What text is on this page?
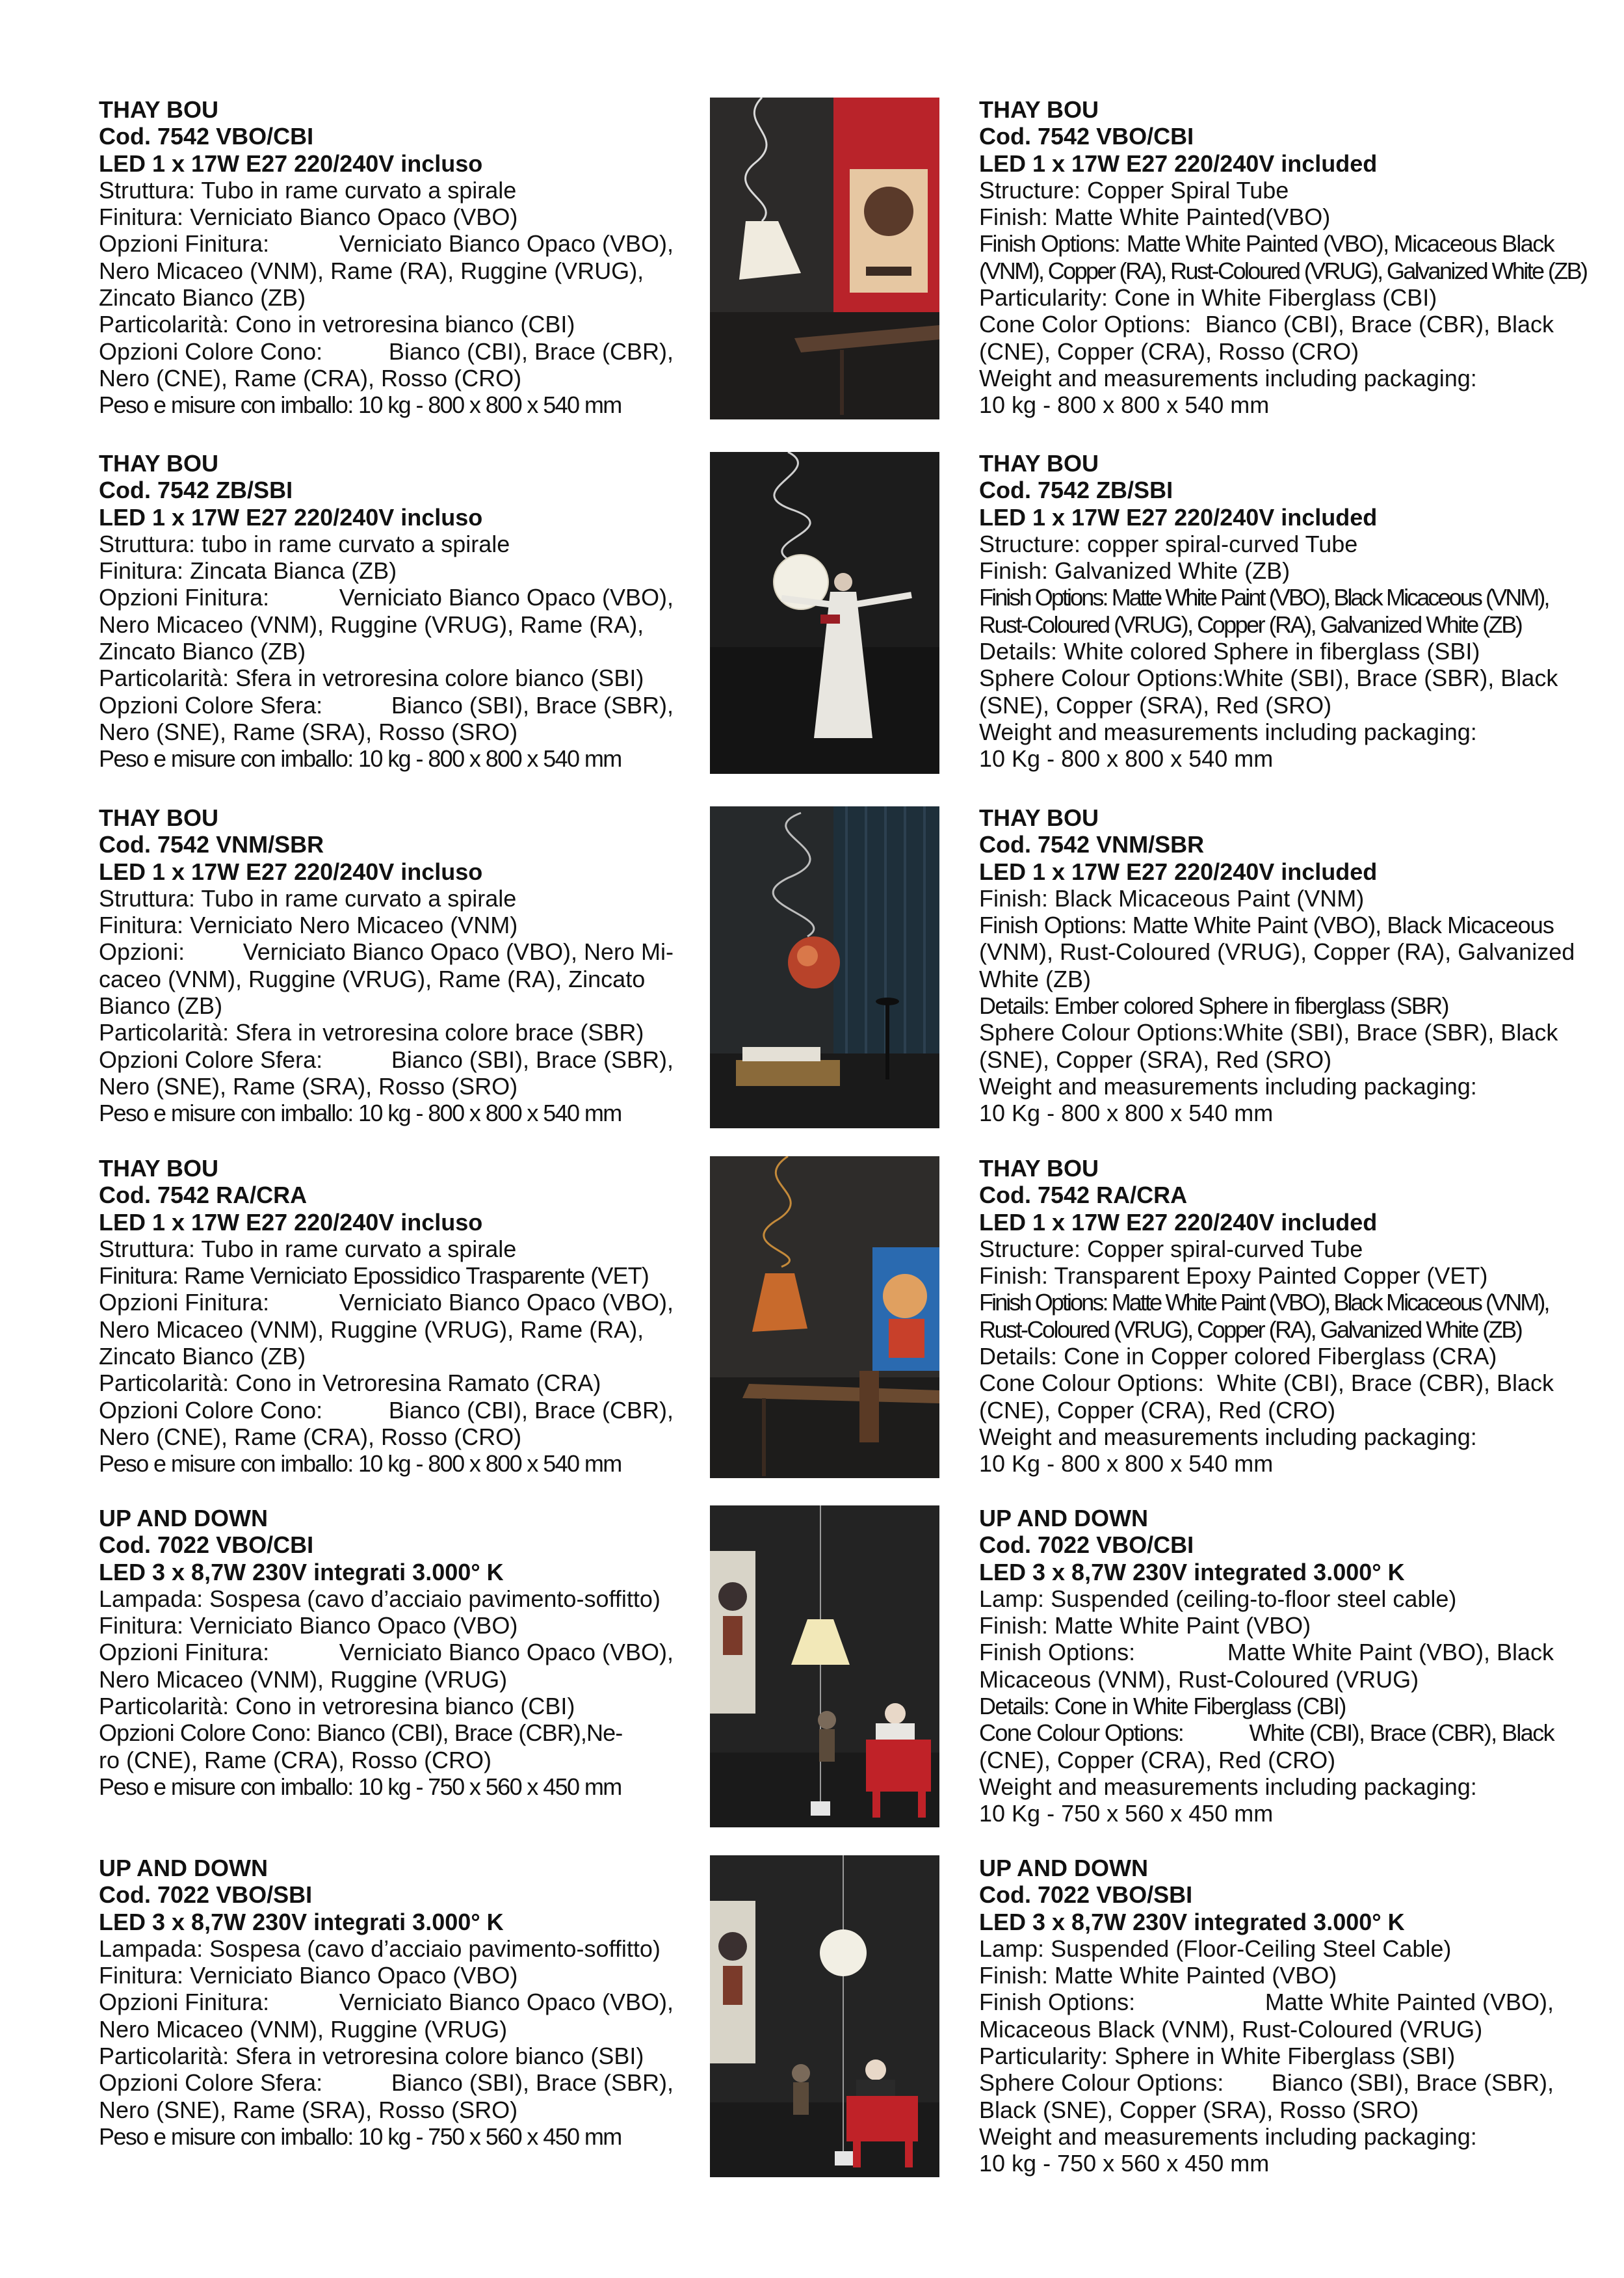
THAY BOU
Cod. 7542 VBO/CBI
LED 1 x 17W E27 220/240V incluso
Struttura: Tubo in rame curvato a spirale
Finitura: Verniciato Bianco Opaco (VBO)
Opzioni Finitura:	Verniciato Bianco Opaco (VBO),
Nero Micaceo (VNM), Rame (RA), Ruggine (VRUG),
Zincato Bianco (ZB)
Particolarità: Cono in vetroresina bianco (CBI)
Opzioni Colore Cono:	Bianco (CBI), Brace (CBR),
Nero (CNE), Rame (CRA), Rosso (CRO)
Peso e misure con imballo: 10 kg - 800 x 800 x 540 mm
THAY BOU
Cod. 7542 VBO/CBI
LED 1 x 17W E27 220/240V included
Structure: Copper Spiral Tube
Finish: Matte White Painted(VBO)
Finish Options: Matte White Painted (VBO), Micaceous Black
(VNM), Copper (RA), Rust-Coloured (VRUG), Galvanized White (ZB)
Particularity: Cone in White Fiberglass (CBI)
Cone Color Options: Bianco (CBI), Brace (CBR), Black
(CNE), Copper (CRA), Rosso (CRO)
Weight and measurements including packaging:
10 kg - 800 x 800 x 540 mm
THAY BOU
Cod. 7542 ZB/SBI
LED 1 x 17W E27 220/240V incluso
Struttura: tubo in rame curvato a spirale
Finitura: Zincata Bianca (ZB)
Opzioni Finitura:	Verniciato Bianco Opaco (VBO),
Nero Micaceo (VNM), Ruggine (VRUG), Rame (RA),
Zincato Bianco (ZB)
Particolarità: Sfera in vetroresina colore bianco (SBI)
Opzioni Colore Sfera:	Bianco (SBI), Brace (SBR),
Nero (SNE), Rame (SRA), Rosso (SRO)
Peso e misure con imballo: 10 kg - 800 x 800 x 540 mm
THAY BOU
Cod. 7542 ZB/SBI
LED 1 x 17W E27 220/240V included
Structure: copper spiral-curved Tube
Finish: Galvanized White (ZB)
Finish Options: Matte White Paint (VBO), Black Micaceous (VNM),
Rust-Coloured (VRUG), Copper (RA), Galvanized White (ZB)
Details: White colored Sphere in fiberglass (SBI)
Sphere Colour Options: White (SBI), Brace (SBR), Black
(SNE), Copper (SRA), Red (SRO)
Weight and measurements including packaging:
10 Kg - 800 x 800 x 540 mm
THAY BOU
Cod. 7542 VNM/SBR
LED 1 x 17W E27 220/240V incluso
Struttura: Tubo in rame curvato a spirale
Finitura: Verniciato Nero Micaceo (VNM)
Opzioni: Verniciato Bianco Opaco (VBO), Nero Mi-
caceo (VNM), Ruggine (VRUG), Rame (RA), Zincato
Bianco (ZB)
Particolarità: Sfera in vetroresina colore brace (SBR)
Opzioni Colore Sfera:	Bianco (SBI), Brace (SBR),
Nero (SNE), Rame (SRA), Rosso (SRO)
Peso e misure con imballo: 10 kg - 800 x 800 x 540 mm
THAY BOU
Cod. 7542 VNM/SBR
LED 1 x 17W E27 220/240V included
Finish: Black Micaceous Paint (VNM)
Finish Options: Matte White Paint (VBO), Black Micaceous
(VNM), Rust-Coloured (VRUG), Copper (RA), Galvanized
White (ZB)
Details: Ember colored Sphere in fiberglass (SBR)
Sphere Colour Options: White (SBI), Brace (SBR), Black
(SNE), Copper (SRA), Red (SRO)
Weight and measurements including packaging:
10 Kg - 800 x 800 x 540 mm
THAY BOU
Cod. 7542 RA/CRA
LED 1 x 17W E27 220/240V incluso
Struttura: Tubo in rame curvato a spirale
Finitura: Rame Verniciato Epossidico Trasparente (VET)
Opzioni Finitura:	Verniciato Bianco Opaco (VBO),
Nero Micaceo (VNM), Ruggine (VRUG), Rame (RA),
Zincato Bianco (ZB)
Particolarità: Cono in Vetroresina Ramato (CRA)
Opzioni Colore Cono:	Bianco (CBI), Brace (CBR),
Nero (CNE), Rame (CRA), Rosso (CRO)
Peso e misure con imballo: 10 kg - 800 x 800 x 540 mm
THAY BOU
Cod. 7542 RA/CRA
LED 1 x 17W E27 220/240V included
Structure: Copper spiral-curved Tube
Finish: Transparent Epoxy Painted Copper (VET)
Finish Options: Matte White Paint (VBO), Black Micaceous (VNM),
Rust-Coloured (VRUG), Copper (RA), Galvanized White (ZB)
Details: Cone in Copper colored Fiberglass (CRA)
Cone Colour Options: White (CBI), Brace (CBR), Black
(CNE), Copper (CRA), Red (CRO)
Weight and measurements including packaging:
10 Kg - 800 x 800 x 540 mm
UP AND DOWN
Cod. 7022 VBO/CBI
LED 3 x 8,7W 230V integrati 3.000° K
Lampada: Sospesa (cavo d’acciaio pavimento-soffitto)
Finitura: Verniciato Bianco Opaco (VBO)
Opzioni Finitura:	Verniciato Bianco Opaco (VBO),
Nero Micaceo (VNM), Ruggine (VRUG)
Particolarità: Cono in vetroresina bianco (CBI)
Opzioni Colore Cono: Bianco (CBI), Brace (CBR),Ne-
ro (CNE), Rame (CRA), Rosso (CRO)
Peso e misure con imballo: 10 kg - 750 x 560 x 450 mm
UP AND DOWN
Cod. 7022 VBO/CBI
LED 3 x 8,7W 230V integrated 3.000° K
Lamp: Suspended (ceiling-to-floor steel cable)
Finish: Matte White Paint (VBO)
Finish Options:	Matte White Paint (VBO), Black
Micaceous (VNM), Rust-Coloured (VRUG)
Details: Cone in White Fiberglass (CBI)
Cone Colour Options:	White (CBI), Brace (CBR), Black
(CNE), Copper (CRA), Red (CRO)
Weight and measurements including packaging:
10 Kg - 750 x 560 x 450 mm
UP AND DOWN
Cod. 7022 VBO/SBI
LED 3 x 8,7W 230V integrati 3.000° K
Lampada: Sospesa (cavo d’acciaio pavimento-soffitto)
Finitura: Verniciato Bianco Opaco (VBO)
Opzioni Finitura:	Verniciato Bianco Opaco (VBO),
Nero Micaceo (VNM), Ruggine (VRUG)
Particolarità: Sfera in vetroresina colore bianco (SBI)
Opzioni Colore Sfera:	Bianco (SBI), Brace (SBR),
Nero (SNE), Rame (SRA), Rosso (SRO)
Peso e misure con imballo: 10 kg - 750 x 560 x 450 mm
UP AND DOWN
Cod. 7022 VBO/SBI
LED 3 x 8,7W 230V integrated 3.000° K
Lamp: Suspended (Floor-Ceiling Steel Cable)
Finish: Matte White Painted (VBO)
Finish Options:	Matte White Painted (VBO),
Micaceous Black (VNM), Rust-Coloured (VRUG)
Particularity: Sphere in White Fiberglass (SBI)
Sphere Colour Options: Bianco (SBI), Brace (SBR),
Black (SNE), Copper (SRA), Rosso (SRO)
Weight and measurements including packaging:
10 kg - 750 x 560 x 450 mm
